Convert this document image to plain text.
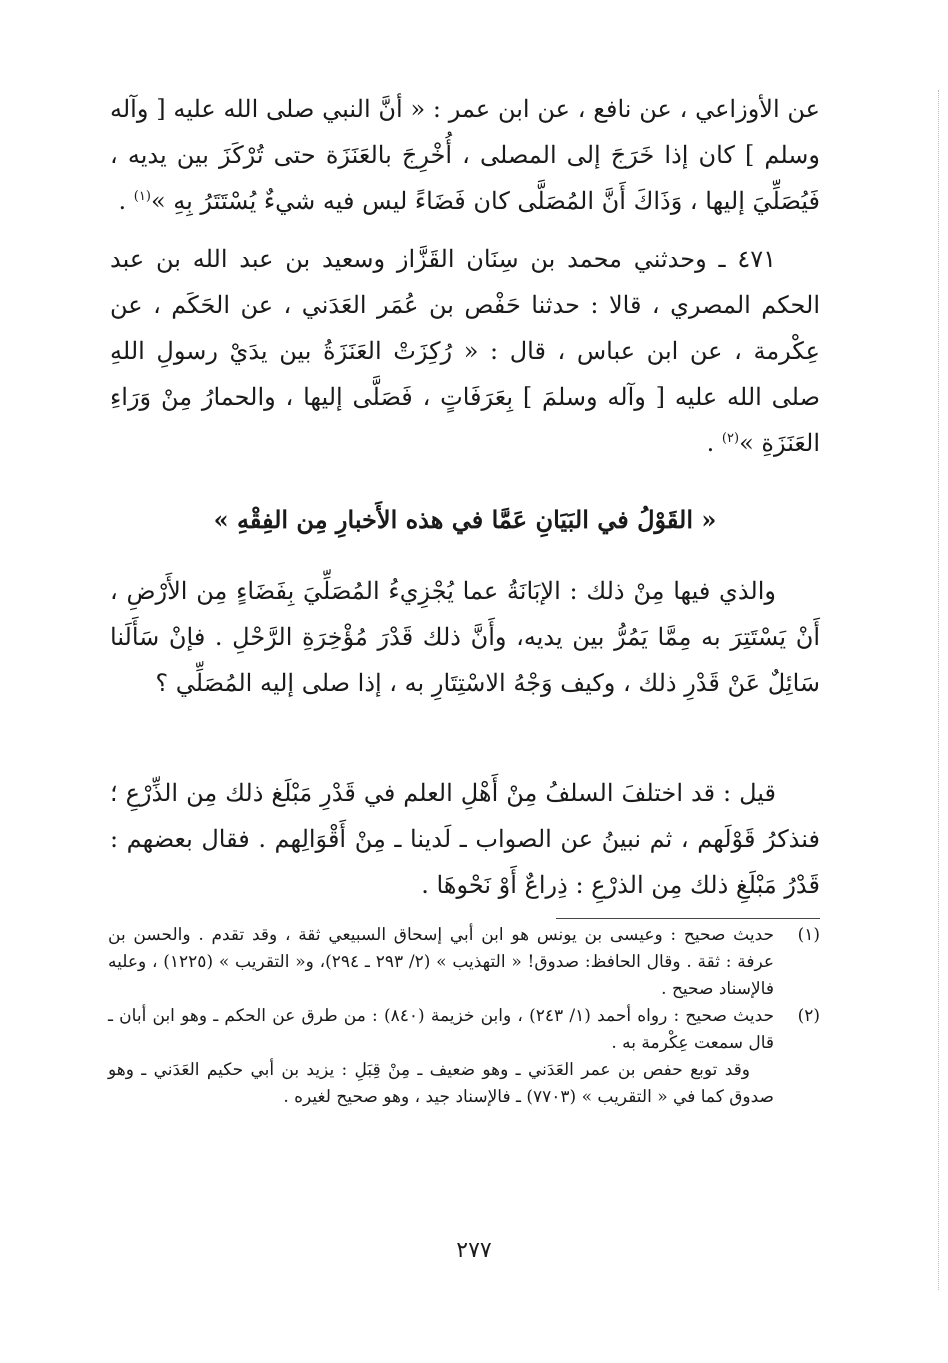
عن الأوزاعي ، عن نافع ، عن ابن عمر : « أنَّ النبي صلى الله عليه [ وآله وسلم ] كان إذا خَرَجَ إلى المصلى ، أُخْرِجَ بالعَنَزَة حتى تُرْكَزَ بين يديه ، فَيُصَلِّيَ إليها ، وَذَاكَ أَنَّ المُصَلَّى كان فَضَاءً ليس فيه شيءٌ يُسْتَتَرُ بِهِ »$^{(١)}$ .
٤٧١ ـ وحدثني محمد بن سِنَان القَزَّاز وسعيد بن عبد الله بن عبد الحكم المصري ، قالا : حدثنا حَفْص بن عُمَر العَدَني ، عن الحَكَم ، عن عِكْرمة ، عن ابن عباس ، قال : « رُكِزَتْ العَنَزَةُ بين يدَيْ رسولِ اللهِ صلى الله عليه [ وآله وسلمَ ] بِعَرَفَاتٍ ، فَصَلَّى إليها ، والحمارُ مِنْ وَرَاءِ العَنَزَةِ »$^{(٢)}$ .
« القَوْلُ في البَيَانِ عَمَّا في هذه الأَخبارِ مِن الفِقْهِ »
والذي فيها مِنْ ذلك : الإبَانَةُ عما يُجْزِيءُ المُصَلِّيَ بِفَضَاءٍ مِن الأَرْضِ ، أَنْ يَسْتَتِرَ به مِمَّا يَمُرُّ بين يديه، وأَنَّ ذلك قَدْرَ مُؤْخِرَةِ الرَّحْلِ . فإنْ سَأَلَنا سَائِلٌ عَنْ قَدْرِ ذلك ، وكيف وَجْهُ الاسْتِتَارِ به ، إذا صلى إليه المُصَلِّي ؟
قيل : قد اختلفَ السلفُ مِنْ أَهْلِ العلم في قَدْرِ مَبْلَغ ذلك مِن الذِّرْعِ ؛ فنذكرُ قَوْلَهم ، ثم نبينُ عن الصواب ـ لَدينا ـ مِنْ أَقْوَالِهم . فقال بعضهم : قَدْرُ مَبْلَغِ ذلك مِن الذرْعِ : ذِراعٌ أَوْ نَحْوهَا .
(١)
حديث صحيح : وعيسى بن يونس هو ابن أبي إسحاق السبيعي ثقة ، وقد تقدم . والحسن بن عرفة : ثقة . وقال الحافظ: صدوق! « التهذيب » (٢/ ٢٩٣ ـ ٢٩٤)، و« التقريب » (١٢٢٥) ، وعليه فالإسناد صحيح .
(٢)
حديث صحيح : رواه أحمد (١/ ٢٤٣) ، وابن خزيمة (٨٤٠) : من طرق عن الحكم ـ وهو ابن أبان ـ قال سمعت عِكْرمة به .
وقد توبع حفص بن عمر العَدَني ـ وهو ضعيف ـ مِنْ قِبَلِ : يزيد بن أبي حكيم العَدَني ـ وهو صدوق كما في « التقريب » (٧٧٠٣) ـ فالإسناد جيد ، وهو صحيح لغيره .
٢٧٧
